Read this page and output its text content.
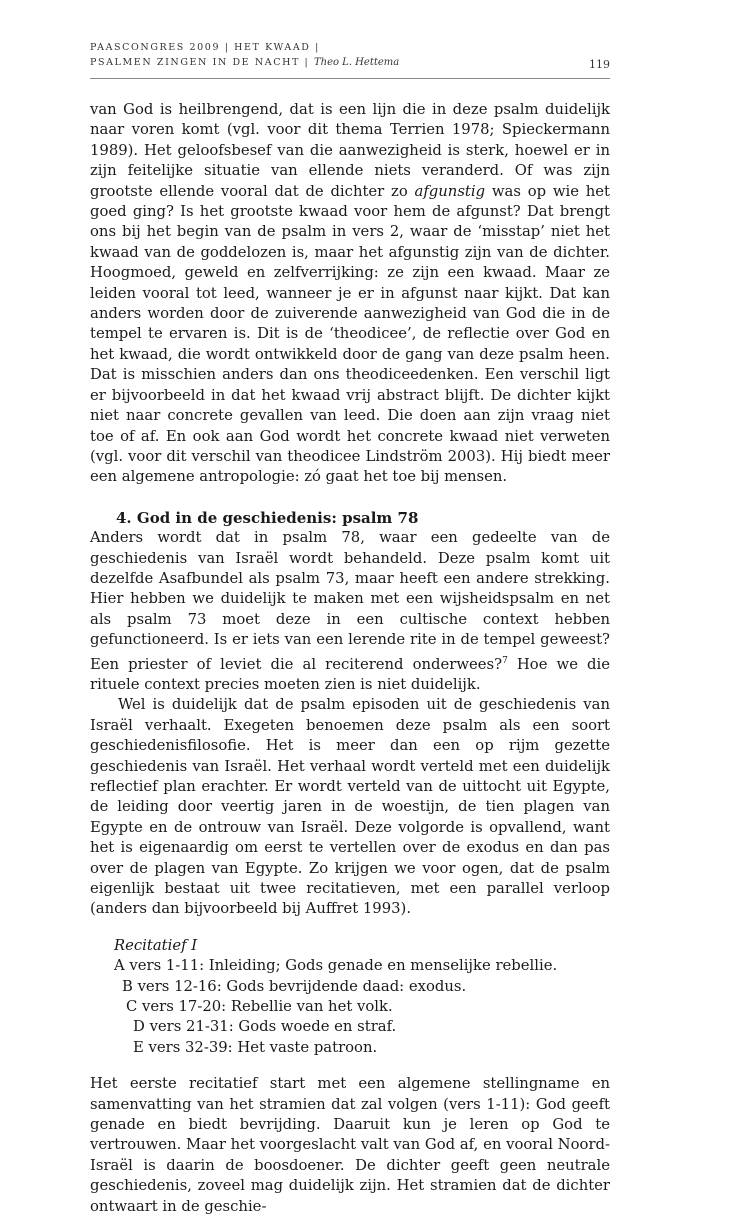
PAASCONGRES 2009 | HET KWAAD |
PSALMEN ZINGEN IN DE NACHT | Theo L. Hettema	119

van God is heilbrengend, dat is een lijn die in deze psalm duidelijk naar voren komt (vgl. voor dit thema Terrien 1978; Spieckermann 1989). Het geloofsbesef van die aanwezigheid is sterk, hoewel er in zijn feitelijke situatie van ellende niets veranderd. Of was zijn grootste ellende vooral dat de dichter zo afgunstig was op wie het goed ging? Is het grootste kwaad voor hem de afgunst? Dat brengt ons bij het begin van de psalm in vers 2, waar de ‘misstap’ niet het kwaad van de goddelozen is, maar het afgunstig zijn van de dichter. Hoogmoed, geweld en zelfverrijking: ze zijn een kwaad. Maar ze leiden vooral tot leed, wanneer je er in afgunst naar kijkt. Dat kan anders worden door de zuiverende aanwezigheid van God die in de tempel te ervaren is. Dit is de ‘theodicee’, de reflectie over God en het kwaad, die wordt ontwikkeld door de gang van deze psalm heen. Dat is misschien anders dan ons theodiceedenken. Een verschil ligt er bijvoorbeeld in dat het kwaad vrij abstract blijft. De dichter kijkt niet naar concrete gevallen van leed. Die doen aan zijn vraag niet toe of af. En ook aan God wordt het concrete kwaad niet verweten (vgl. voor dit verschil van theodicee Lindström 2003). Hij biedt meer een algemene antropologie: zó gaat het toe bij mensen.

4. God in de geschiedenis: psalm 78

Anders wordt dat in psalm 78, waar een gedeelte van de geschiedenis van Israël wordt behandeld. Deze psalm komt uit dezelfde Asafbundel als psalm 73, maar heeft een andere strekking. Hier hebben we duidelijk te maken met een wijsheidspsalm en net als psalm 73 moet deze in een cultische context hebben gefunctioneerd. Is er iets van een lerende rite in de tempel geweest? Een priester of leviet die al reciterend onderwees?$^7$ Hoe we die rituele context precies moeten zien is niet duidelijk.

Wel is duidelijk dat de psalm episoden uit de geschiedenis van Israël verhaalt. Exegeten benoemen deze psalm als een soort geschiedenisfilosofie. Het is meer dan een op rijm gezette geschiedenis van Israël. Het verhaal wordt verteld met een duidelijk reflectief plan erachter. Er wordt verteld van de uittocht uit Egypte, de leiding door veertig jaren in de woestijn, de tien plagen van Egypte en de ontrouw van Israël. Deze volgorde is opvallend, want het is eigenaardig om eerst te vertellen over de exodus en dan pas over de plagen van Egypte. Zo krijgen we voor ogen, dat de psalm eigenlijk bestaat uit twee recitatieven, met een parallel verloop (anders dan bijvoorbeeld bij Auffret 1993).

Recitatief I
A vers 1-11: Inleiding; Gods genade en menselijke rebellie.
B vers 12-16: Gods bevrijdende daad: exodus.
C vers 17-20: Rebellie van het volk.
D vers 21-31: Gods woede en straf.
E vers 32-39: Het vaste patroon.

Het eerste recitatief start met een algemene stellingname en samenvatting van het stramien dat zal volgen (vers 1-11): God geeft genade en biedt bevrijding. Daaruit kun je leren op God te vertrouwen. Maar het voorgeslacht valt van God af, en vooral Noord-Israël is daarin de boosdoener. De dichter geeft geen neutrale geschiedenis, zoveel mag duidelijk zijn. Het stramien dat de dichter ontwaart in de geschie-
